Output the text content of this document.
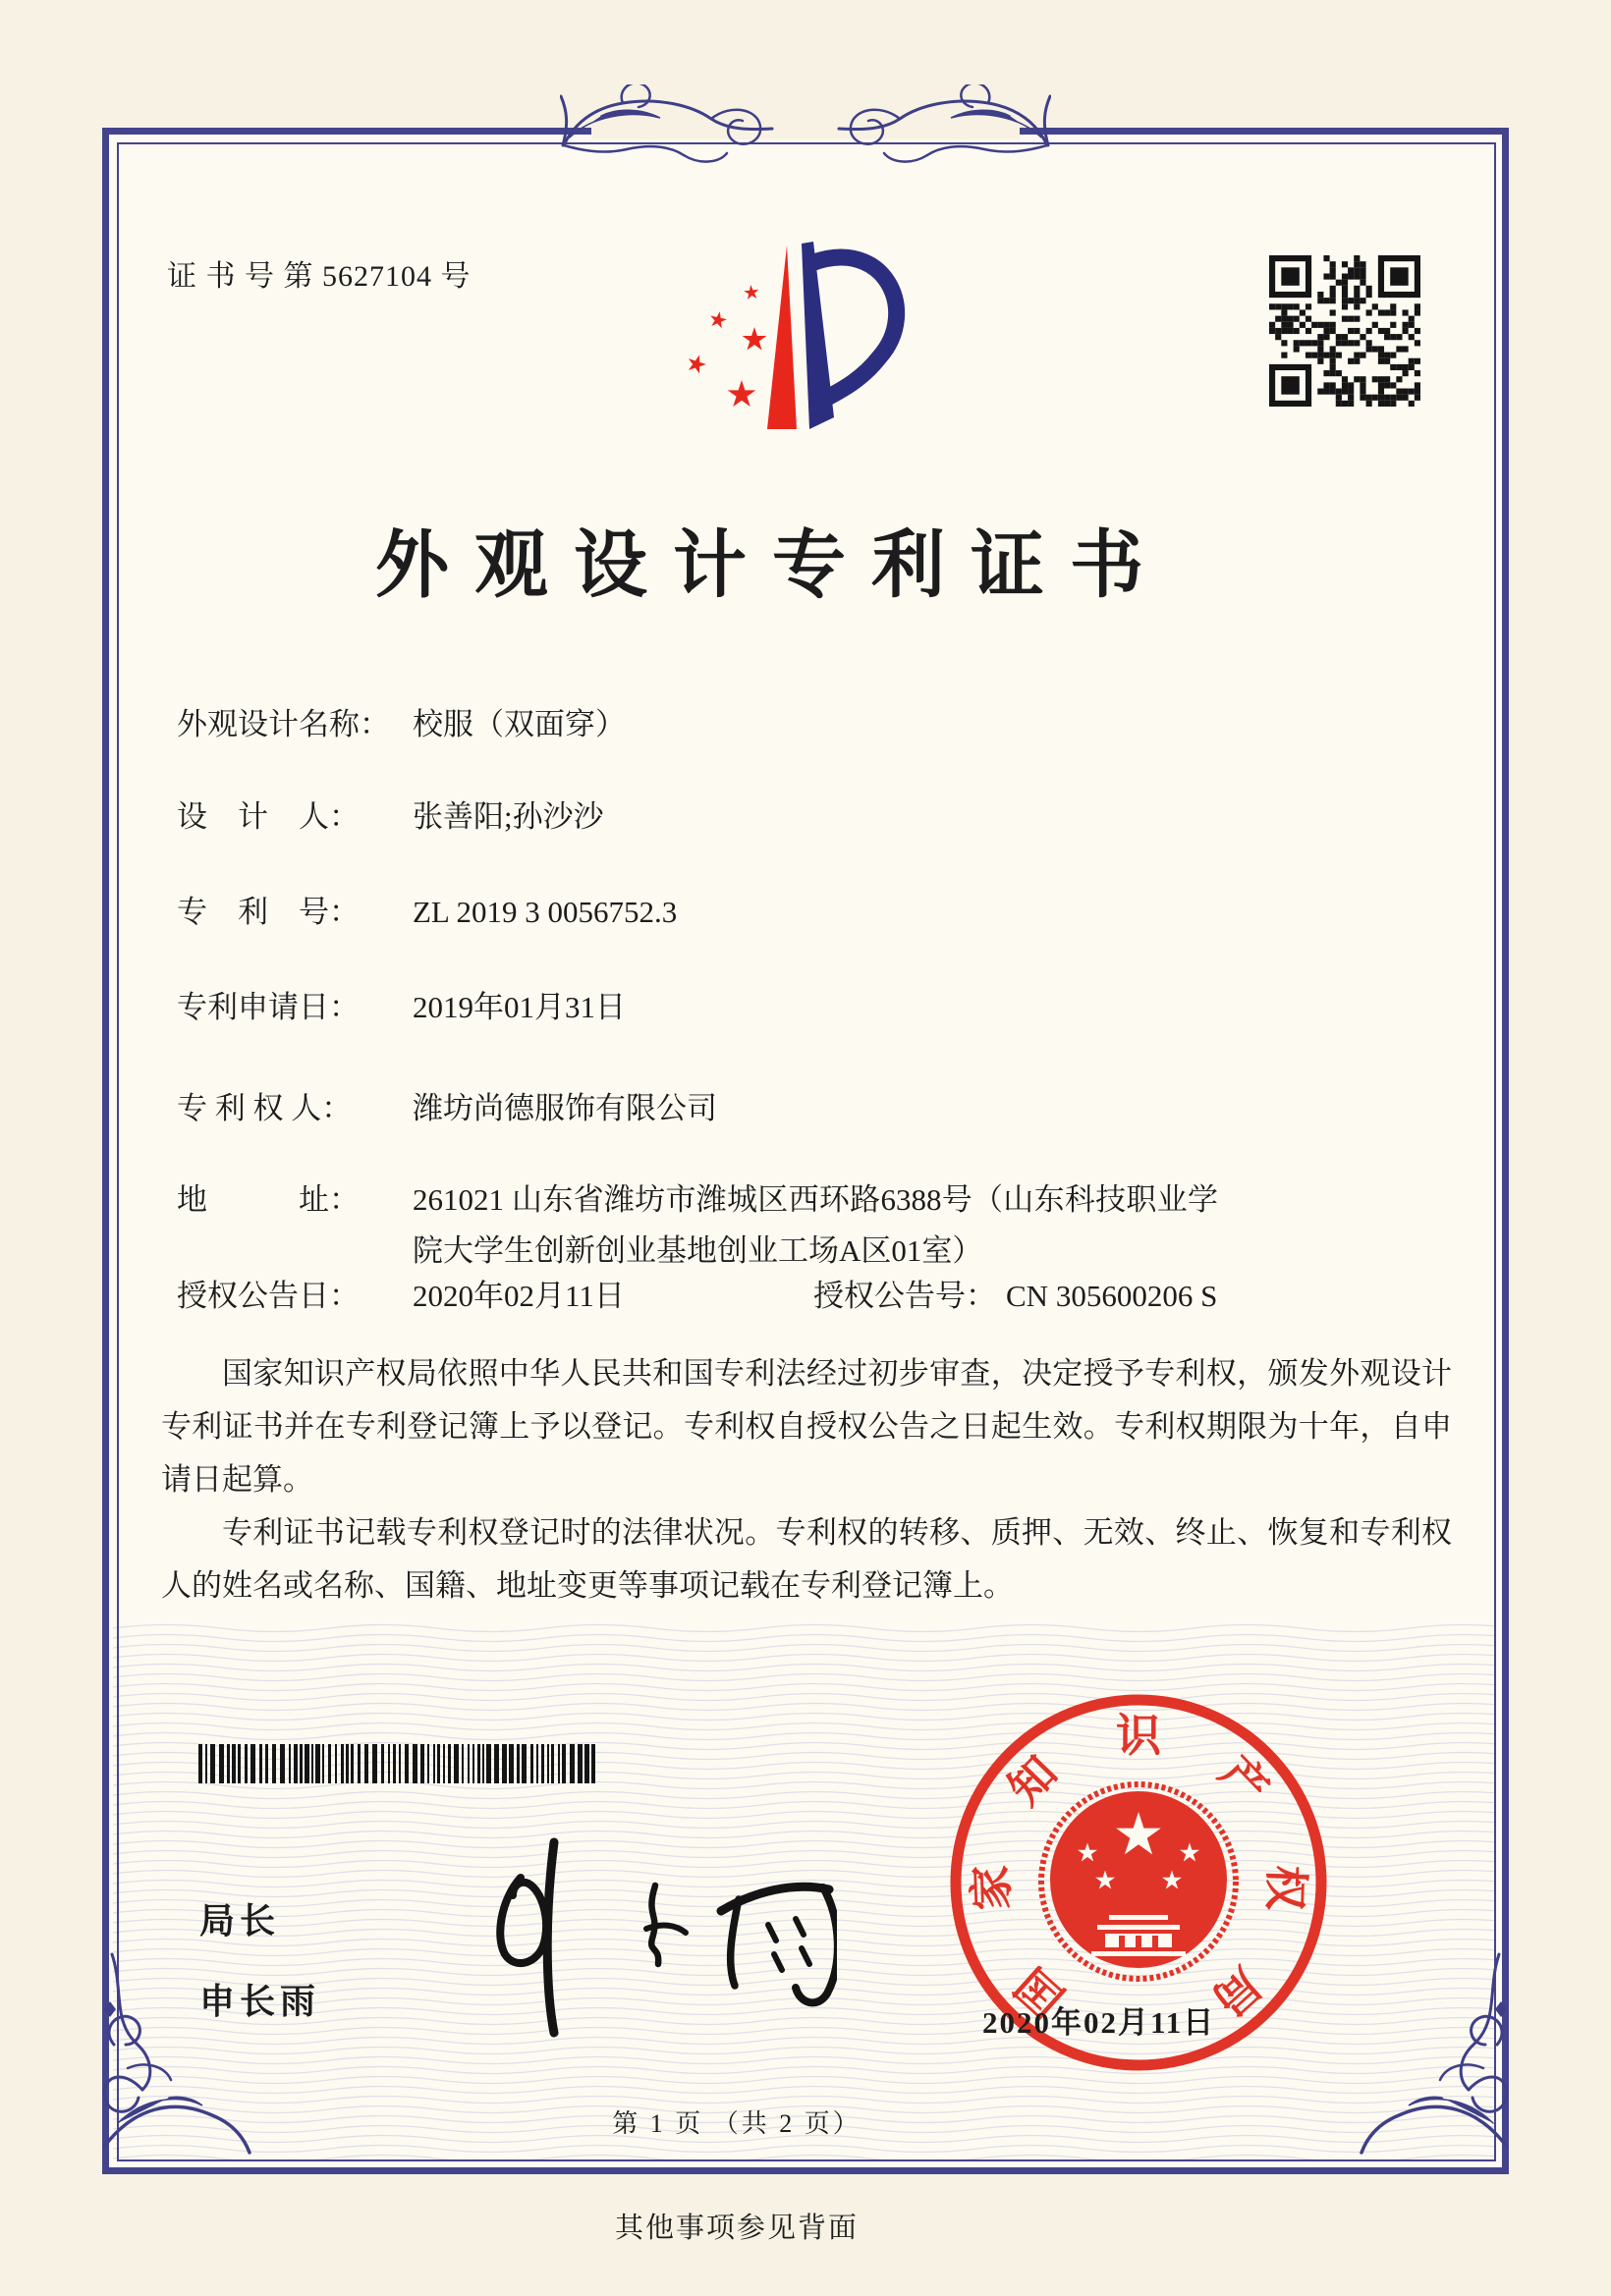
证 书 号 第 5627104 号
外观设计专利证书
外观设计名称： 校服（双面穿）
设　计　人： 张善阳;孙沙沙
专　利　号： ZL 2019 3 0056752.3
专利申请日： 2019年01月31日
专 利 权 人： 潍坊尚德服饰有限公司
地　　　址：	261021 山东省潍坊市潍城区西环路6388号（山东科技职业学院大学生创新创业基地创业工场A区01室）
授权公告日： 2020年02月11日	授权公告号： CN 305600206 S

国家知识产权局依照中华人民共和国专利法经过初步审查，决定授予专利权，颁发外观设计专利证书并在专利登记簿上予以登记。专利权自授权公告之日起生效。专利权期限为十年，自申请日起算。

专利证书记载专利权登记时的法律状况。专利权的转移、质押、无效、终止、恢复和专利权人的姓名或名称、国籍、地址变更等事项记载在专利登记簿上。

局长
申长雨	国
家
知
识
产
权
局
2020年02月11日
第 1 页 （共 2 页）
其他事项参见背面
